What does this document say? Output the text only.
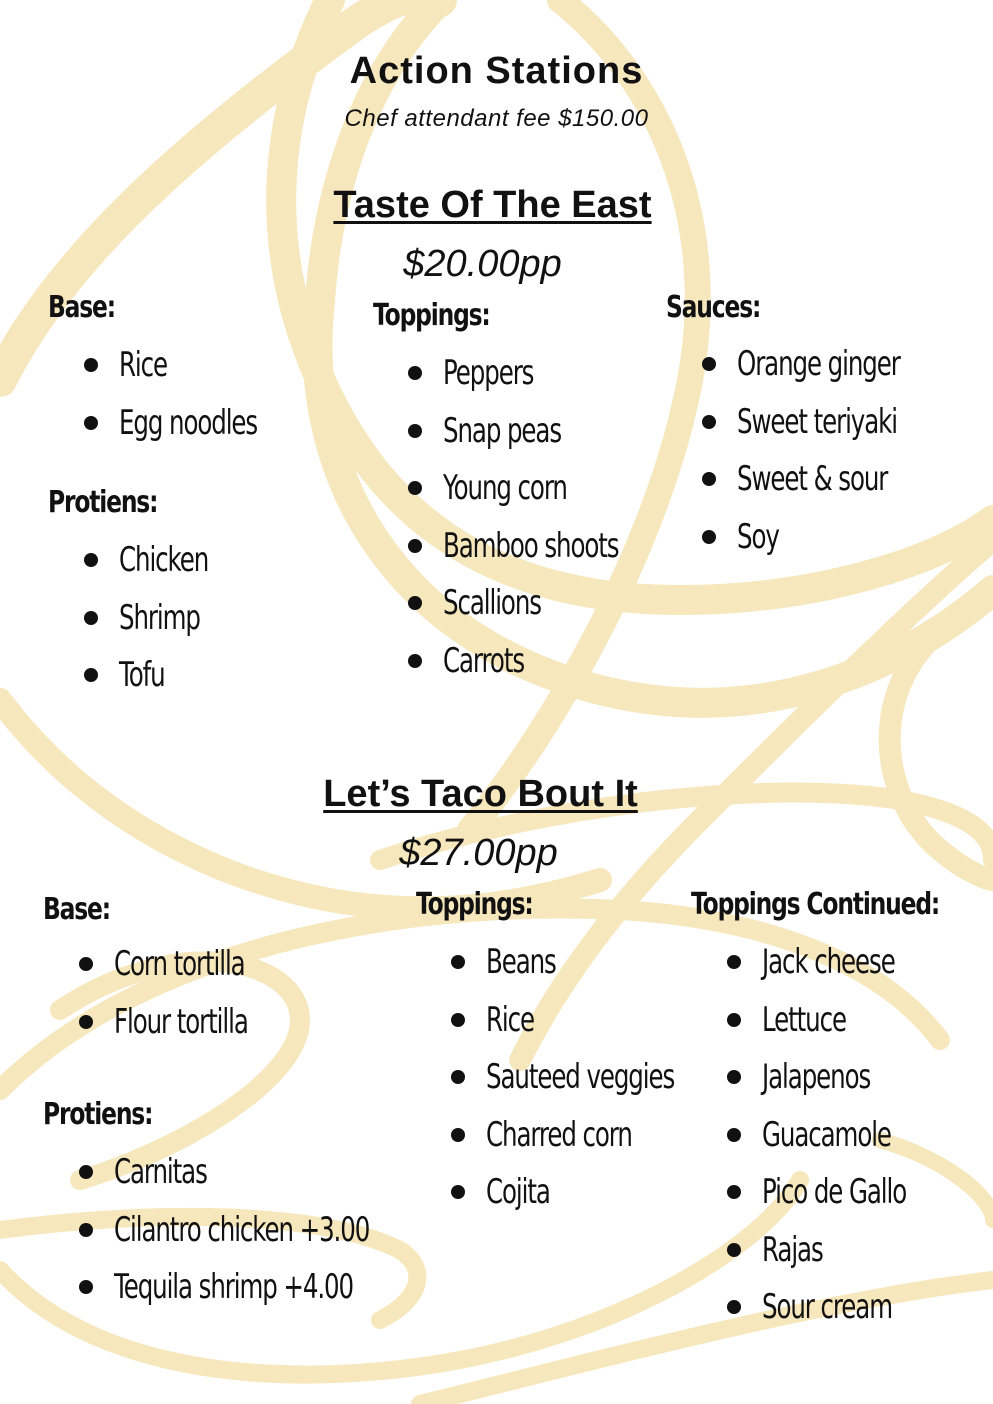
Action Stations
Chef attendant fee $150.00
Taste Of The East
$20.00pp
Base:
Rice
Egg noodles
Protiens:
Chicken
Shrimp
Tofu
Toppings:
Peppers
Snap peas
Young corn
Bamboo shoots
Scallions
Carrots
Sauces:
Orange ginger
Sweet teriyaki
Sweet & sour
Soy
Let’s Taco Bout It
$27.00pp
Base:
Corn tortilla
Flour tortilla
Protiens:
Carnitas
Cilantro chicken +3.00
Tequila shrimp +4.00
Toppings:
Beans
Rice
Sauteed veggies
Charred corn
Cojita
Toppings Continued:
Jack cheese
Lettuce
Jalapenos
Guacamole
Pico de Gallo
Rajas
Sour cream
